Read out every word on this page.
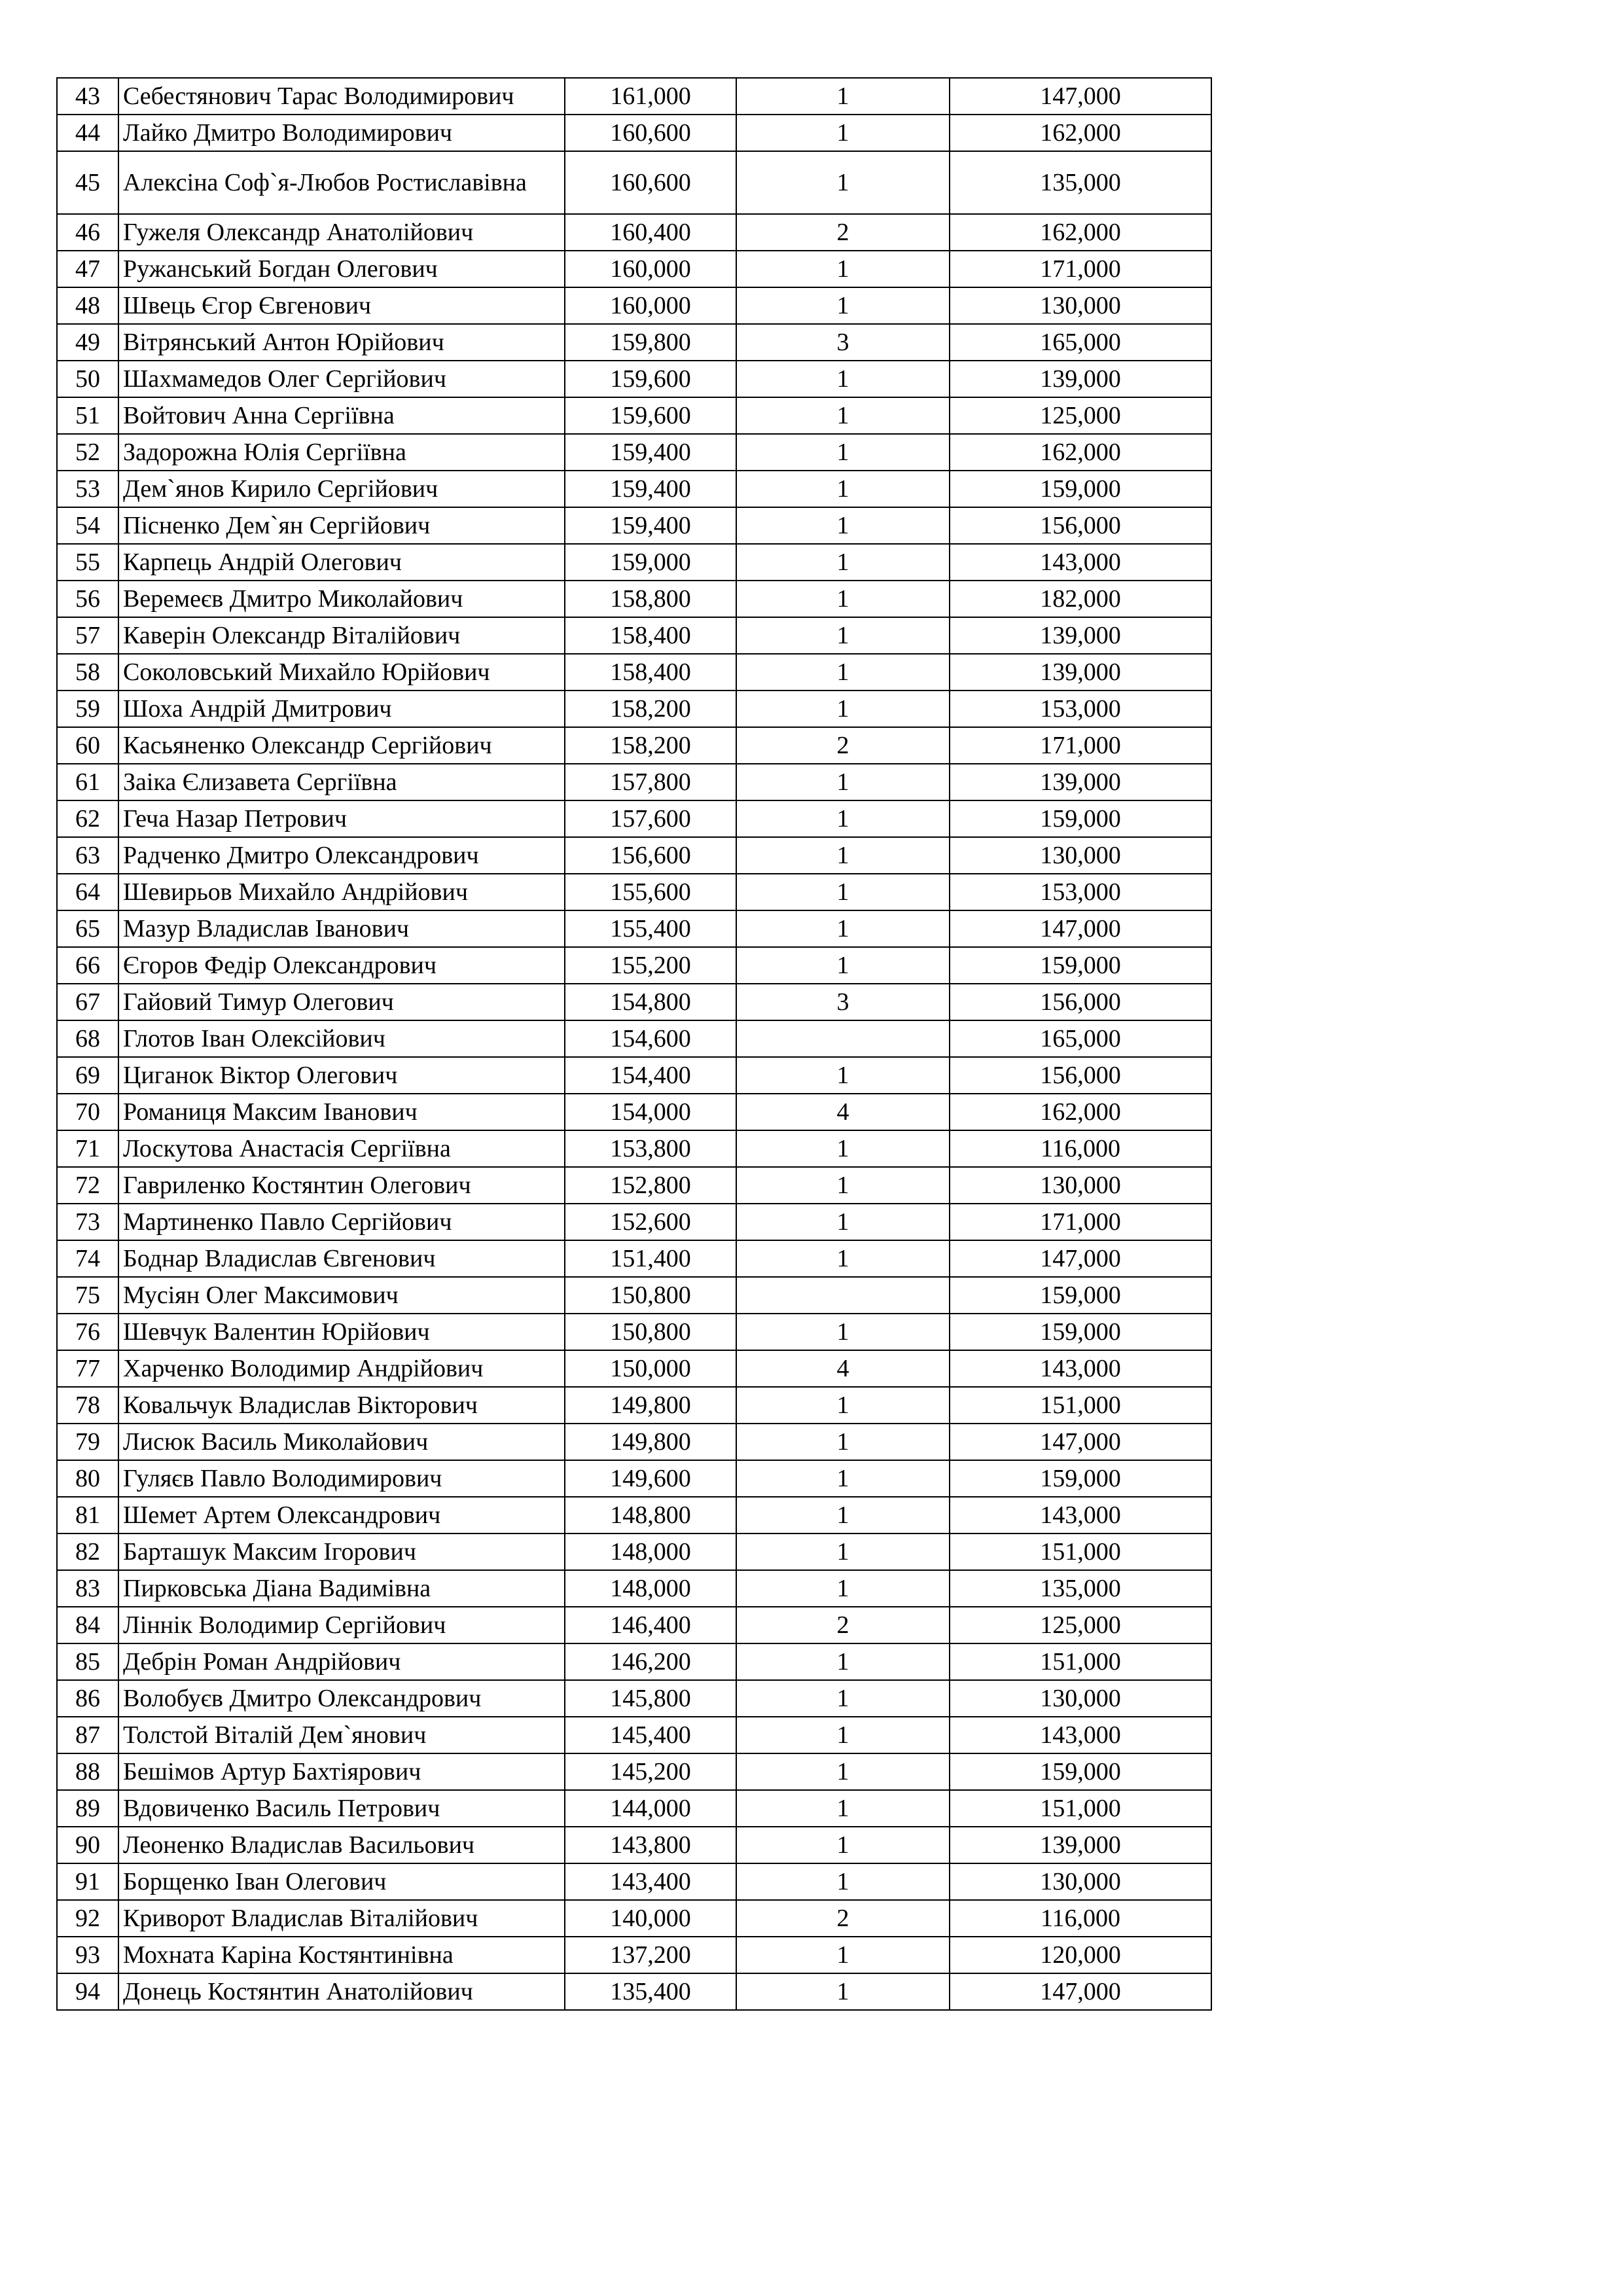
43	Себестянович Тарас Володимирович	161,000	1	147,000
44	Лайко Дмитро Володимирович	160,600	1	162,000
45	Алексіна Соф`я-Любов Ростиславівна	160,600	1	135,000
46	Гужеля Олександр Анатолійович	160,400	2	162,000
47	Ружанський Богдан Олегович	160,000	1	171,000
48	Швець Єгор Євгенович	160,000	1	130,000
49	Вітрянський Антон Юрійович	159,800	3	165,000
50	Шахмамедов Олег Сергійович	159,600	1	139,000
51	Войтович Анна Сергіївна	159,600	1	125,000
52	Задорожна Юлія Сергіївна	159,400	1	162,000
53	Дем`янов Кирило Сергійович	159,400	1	159,000
54	Пісненко Дем`ян Сергійович	159,400	1	156,000
55	Карпець Андрій Олегович	159,000	1	143,000
56	Веремеєв Дмитро Миколайович	158,800	1	182,000
57	Каверін Олександр Віталійович	158,400	1	139,000
58	Соколовський Михайло Юрійович	158,400	1	139,000
59	Шоха Андрій Дмитрович	158,200	1	153,000
60	Касьяненко Олександр Сергійович	158,200	2	171,000
61	Заіка Єлизавета Сергіївна	157,800	1	139,000
62	Геча Назар Петрович	157,600	1	159,000
63	Радченко Дмитро Олександрович	156,600	1	130,000
64	Шевирьов Михайло Андрійович	155,600	1	153,000
65	Мазур Владислав Іванович	155,400	1	147,000
66	Єгоров Федір Олександрович	155,200	1	159,000
67	Гайовий Тимур Олегович	154,800	3	156,000
68	Глотов Іван Олексійович	154,600		165,000
69	Циганок Віктор Олегович	154,400	1	156,000
70	Романиця Максим Іванович	154,000	4	162,000
71	Лоскутова Анастасія Сергіївна	153,800	1	116,000
72	Гавриленко Костянтин Олегович	152,800	1	130,000
73	Мартиненко Павло Сергійович	152,600	1	171,000
74	Боднар Владислав Євгенович	151,400	1	147,000
75	Мусіян Олег Максимович	150,800		159,000
76	Шевчук Валентин Юрійович	150,800	1	159,000
77	Харченко Володимир Андрійович	150,000	4	143,000
78	Ковальчук Владислав Вікторович	149,800	1	151,000
79	Лисюк Василь Миколайович	149,800	1	147,000
80	Гуляєв Павло Володимирович	149,600	1	159,000
81	Шемет Артем Олександрович	148,800	1	143,000
82	Барташук Максим Ігорович	148,000	1	151,000
83	Пирковська Діана Вадимівна	148,000	1	135,000
84	Ліннік Володимир Сергійович	146,400	2	125,000
85	Дебрін Роман Андрійович	146,200	1	151,000
86	Волобуєв Дмитро Олександрович	145,800	1	130,000
87	Толстой Віталій Дем`янович	145,400	1	143,000
88	Бешімов Артур Бахтіярович	145,200	1	159,000
89	Вдовиченко Василь Петрович	144,000	1	151,000
90	Леоненко Владислав Васильович	143,800	1	139,000
91	Борщенко Іван Олегович	143,400	1	130,000
92	Криворот Владислав Віталійович	140,000	2	116,000
93	Мохната Каріна Костянтинівна	137,200	1	120,000
94	Донець Костянтин Анатолійович	135,400	1	147,000
